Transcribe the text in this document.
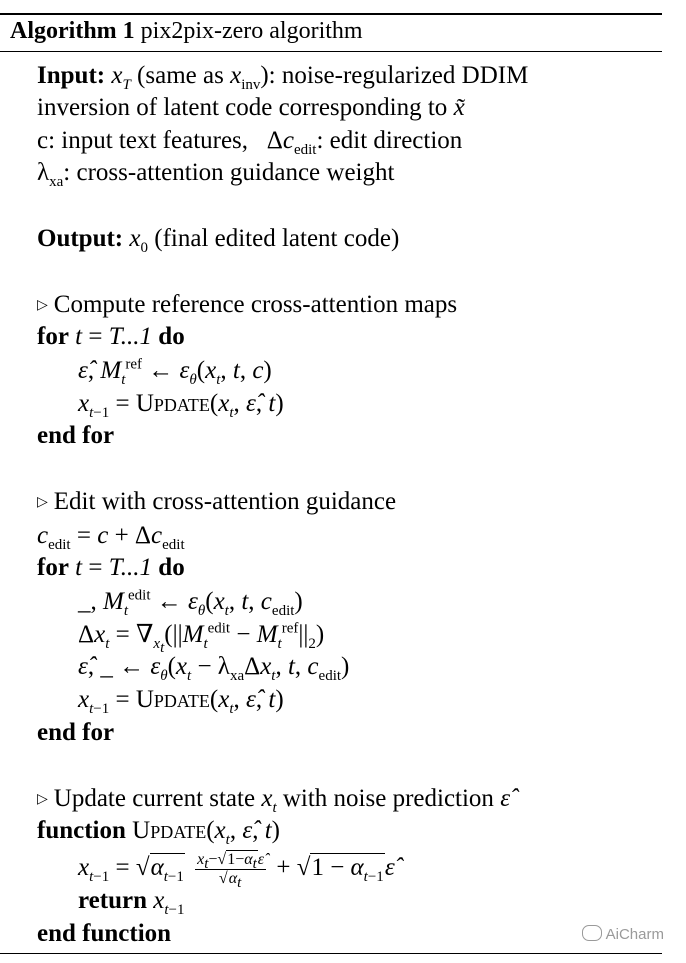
Algorithm 1 pix2pix-zero algorithm
Input: $x_T$ (same as $x_{inv}$): noise-regularized DDIM
inversion of latent code corresponding to x̃
c: input text features,   $\Delta c_{edit}$: edit direction
$\lambda_{xa}$: cross-attention guidance weight
Output: $x_0$ (final edited latent code)
▷ Compute reference cross-attention maps
for t = T...1 do
ε̂, $M_t^{ref}$ ← $\varepsilon_\theta(x_t$, t, c)
$x_{t-1}$ = $Update(x_t$, ε̂, t)
end for
▷ Edit with cross-attention guidance
$c_{edit} = c + \Delta c_{edit}$
for t = T...1 do
_, $M_t^{edit}$ ← $\varepsilon_\theta(x_t$, t, $c_{edit}$)
$\Delta x_t = \nabla_{x_t}(||M_t^{edit} - M_t^{ref}||_2)$
ε̂, _ ← $\varepsilon_\theta(x_t - \lambda_{xa}\Delta x_t$, t, $c_{edit}$)
$x_{t-1}$ = $Update(x_t$, ε̂, t)
end for
▷ Update current state $x_t$ with noise prediction ε̂
function $Update(x_t$, ε̂, t)
$x_{t-1} = √\alpha_{t-1} \frac{x_t-√1-\alpha_t\varepsilon̂}{√\alpha_t} + √1$ − $\alpha_{t-1}\varepsilon̂$
return $x_{t-1}$
end function	AiCharm
